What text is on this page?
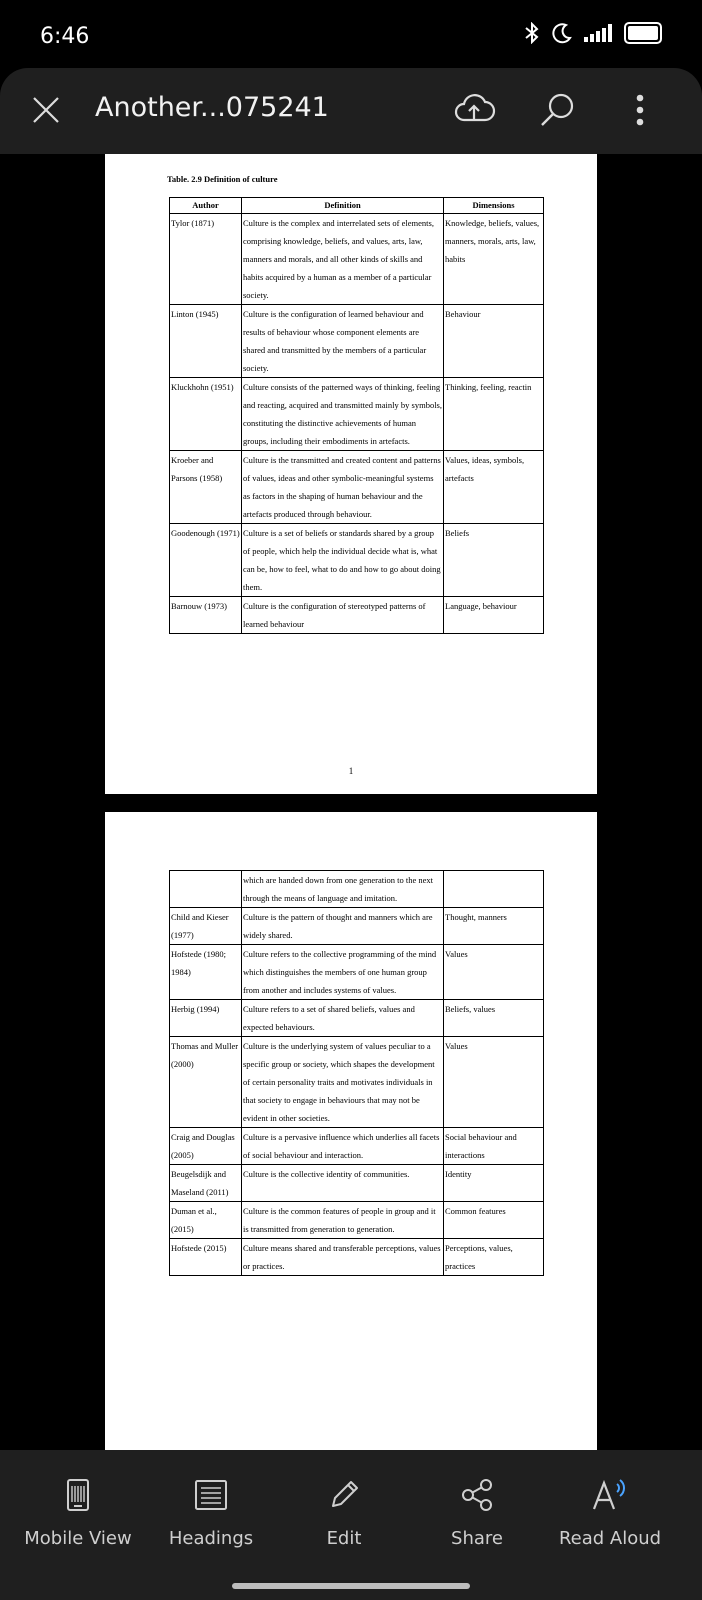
6:46
Another...075241
Table. 2.9 Definition of culture
Author	Definition	Dimensions
Tylor (1871)	Culture is the complex and interrelated sets of elements, comprising knowledge, beliefs, and values, arts, law, manners and morals, and all other kinds of skills and habits acquired by a human as a member of a particular society.	Knowledge, beliefs, values, manners, morals, arts, law, habits
Linton (1945)	Culture is the configuration of learned behaviour and results of behaviour whose component elements are shared and transmitted by the members of a particular society.	Behaviour
Kluckhohn (1951)	Culture consists of the patterned ways of thinking, feeling and reacting, acquired and transmitted mainly by symbols, constituting the distinctive achievements of human groups, including their embodiments in artefacts.	Thinking, feeling, reactin
Kroeber and Parsons (1958)	Culture is the transmitted and created content and patterns of values, ideas and other symbolic-meaningful systems as factors in the shaping of human behaviour and the artefacts produced through behaviour.	Values, ideas, symbols, artefacts
Goodenough (1971)	Culture is a set of beliefs or standards shared by a group of people, which help the individual decide what is, what can be, how to feel, what to do and how to go about doing them.	Beliefs
Barnouw (1973)	Culture is the configuration of stereotyped patterns of learned behaviour	Language, behaviour
1
	which are handed down from one generation to the next through the means of language and imitation.	
Child and Kieser (1977)	Culture is the pattern of thought and manners which are widely shared.	Thought, manners
Hofstede (1980; 1984)	Culture refers to the collective programming of the mind which distinguishes the members of one human group from another and includes systems of values.	Values
Herbig (1994)	Culture refers to a set of shared beliefs, values and expected behaviours.	Beliefs, values
Thomas and Muller (2000)	Culture is the underlying system of values peculiar to a specific group or society, which shapes the development of certain personality traits and motivates individuals in that society to engage in behaviours that may not be evident in other societies.	Values
Craig and Douglas (2005)	Culture is a pervasive influence which underlies all facets of social behaviour and interaction.	Social behaviour and interactions
Beugelsdijk and Maseland (2011)	Culture is the collective identity of communities.	Identity
Duman et al., (2015)	Culture is the common features of people in group and it is transmitted from generation to generation.	Common features
Hofstede (2015)	Culture means shared and transferable perceptions, values or practices.	Perceptions, values, practices
Mobile View	Headings	Edit	Share	Read Aloud
